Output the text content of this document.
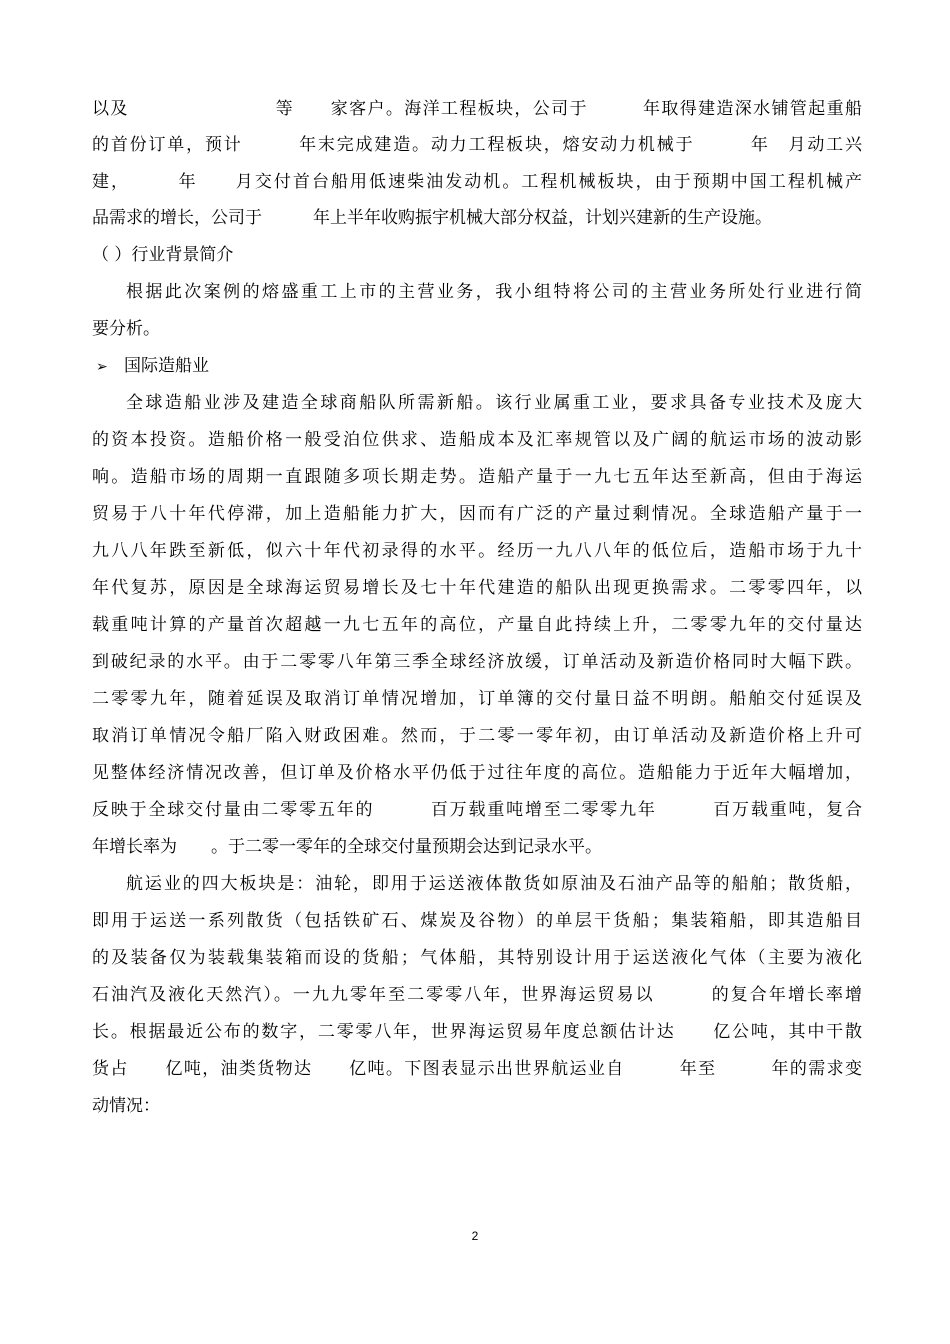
以及　　　　　　　　等　　家客户。海洋工程板块，公司于　　　年取得建造深水铺管起重船
的首份订单，预计　　　年末完成建造。动力工程板块，熔安动力机械于　　　年　月动工兴
建，　　　年　　月交付首台船用低速柴油发动机。工程机械板块，由于预期中国工程机械产
品需求的增长，公司于　　　年上半年收购振宇机械大部分权益，计划兴建新的生产设施。
（ ）行业背景简介
根据此次案例的熔盛重工上市的主营业务，我小组特将公司的主营业务所处行业进行简
要分析。
➢ 国际造船业
全球造船业涉及建造全球商船队所需新船。该行业属重工业，要求具备专业技术及庞大
的资本投资。造船价格一般受泊位供求、造船成本及汇率规管以及广阔的航运市场的波动影
响。造船市场的周期一直跟随多项长期走势。造船产量于一九七五年达至新高，但由于海运
贸易于八十年代停滞，加上造船能力扩大，因而有广泛的产量过剩情况。全球造船产量于一
九八八年跌至新低，似六十年代初录得的水平。经历一九八八年的低位后，造船市场于九十
年代复苏，原因是全球海运贸易增长及七十年代建造的船队出现更换需求。二零零四年，以
载重吨计算的产量首次超越一九七五年的高位，产量自此持续上升，二零零九年的交付量达
到破纪录的水平。由于二零零八年第三季全球经济放缓，订单活动及新造价格同时大幅下跌。
二零零九年，随着延误及取消订单情况增加，订单簿的交付量日益不明朗。船舶交付延误及
取消订单情况令船厂陷入财政困难。然而，于二零一零年初，由订单活动及新造价格上升可
见整体经济情况改善，但订单及价格水平仍低于过往年度的高位。造船能力于近年大幅增加，
反映于全球交付量由二零零五年的　　　百万载重吨增至二零零九年　　　百万载重吨，复合
年增长率为　　。于二零一零年的全球交付量预期会达到记录水平。
航运业的四大板块是：油轮，即用于运送液体散货如原油及石油产品等的船舶；散货船，
即用于运送一系列散货（包括铁矿石、煤炭及谷物）的单层干货船；集装箱船，即其造船目
的及装备仅为装载集装箱而设的货船；气体船，其特别设计用于运送液化气体（主要为液化
石油汽及液化天然汽）。一九九零年至二零零八年，世界海运贸易以　　　的复合年增长率增
长。根据最近公布的数字，二零零八年，世界海运贸易年度总额估计达　　亿公吨，其中干散
货占　　亿吨，油类货物达　　亿吨。下图表显示出世界航运业自　　　年至　　　年的需求变
动情况：
2
